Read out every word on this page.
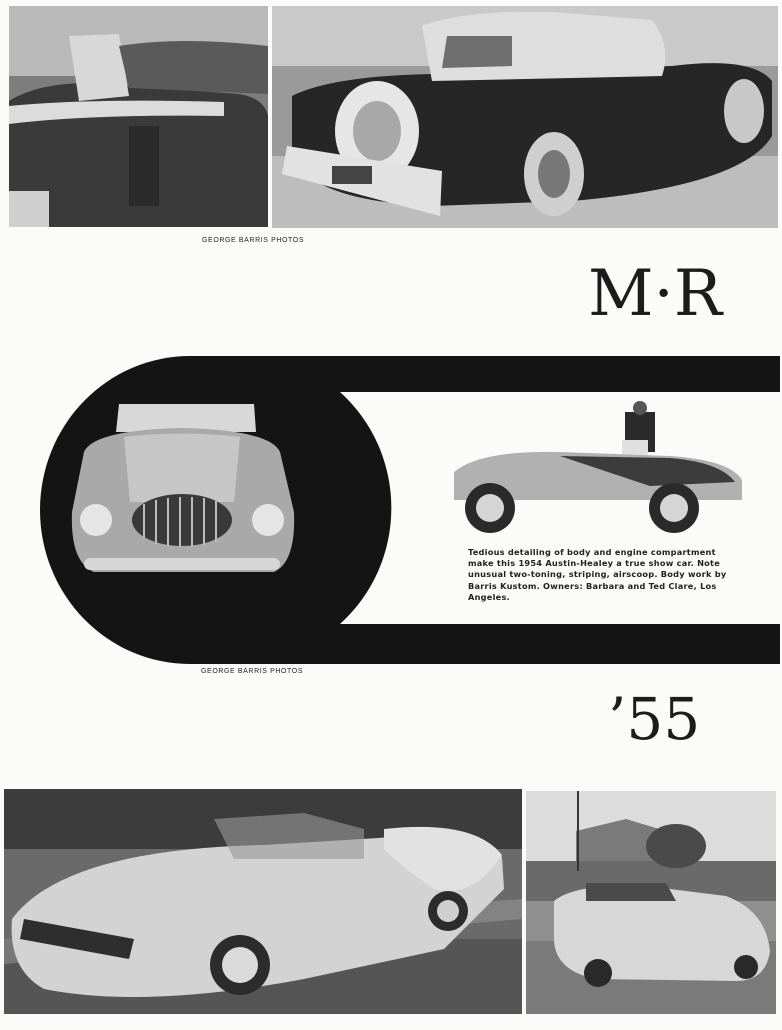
GEORGE BARRIS PHOTOS
M·R
Tedious detailing of body and engine compartment make this 1954 Austin-Healey a true show car. Note unusual two-toning, striping, airscoop. Body work by Barris Kustom. Owners: Barbara and Ted Clare, Los Angeles.
GEORGE BARRIS PHOTOS
’55
